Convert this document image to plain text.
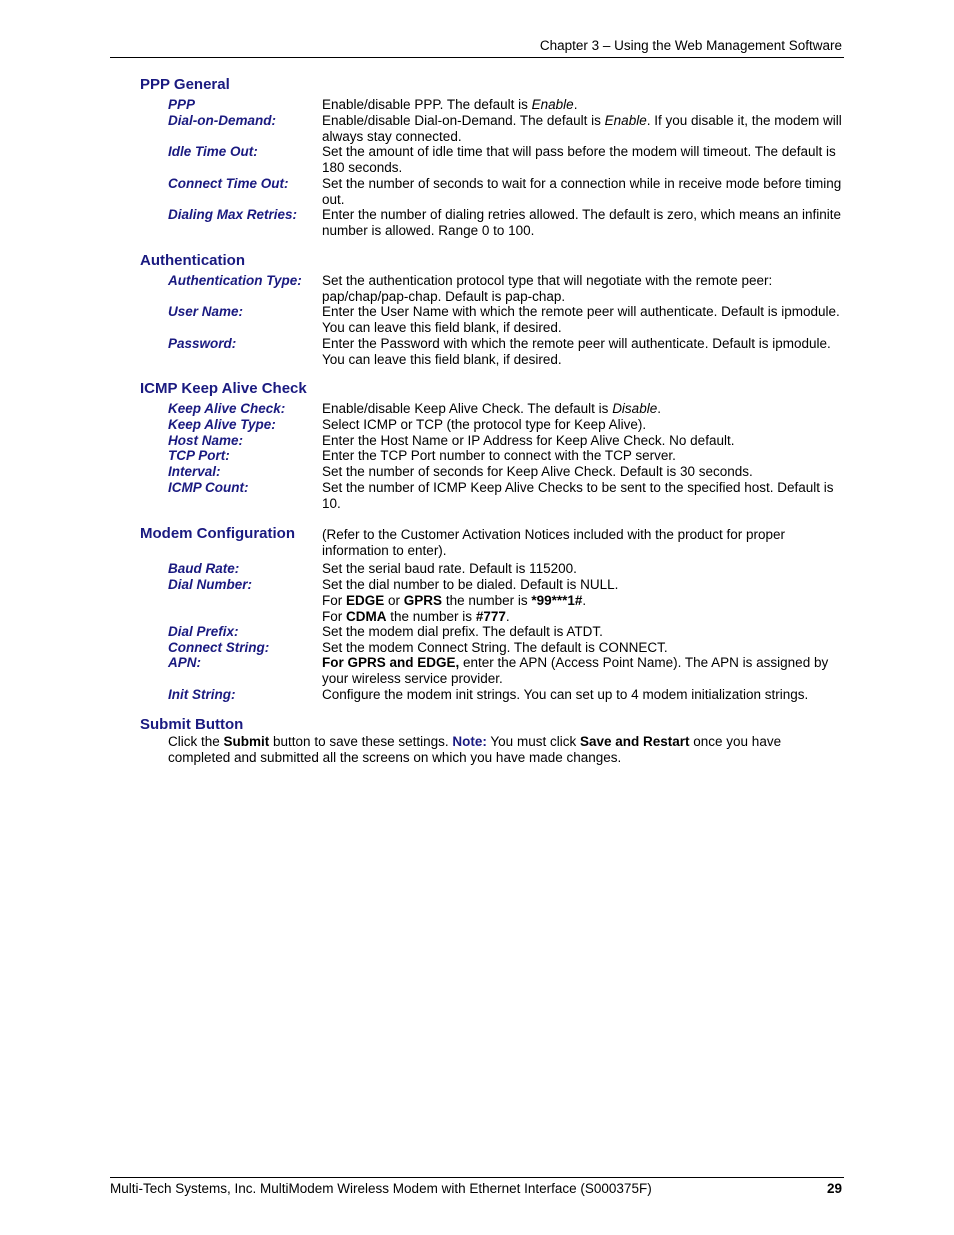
Chapter 3 – Using the Web Management Software
PPP General
PPP	Enable/disable PPP. The default is Enable.
Dial-on-Demand:	Enable/disable Dial-on-Demand. The default is Enable. If you disable it, the modem will always stay connected.
Idle Time Out:	Set the amount of idle time that will pass before the modem will timeout. The default is 180 seconds.
Connect Time Out: Set the number of seconds to wait for a connection while in receive mode before timing out.
Dialing Max Retries: Enter the number of dialing retries allowed. The default is zero, which means an infinite number is allowed. Range 0 to 100.
Authentication
Authentication Type: Set the authentication protocol type that will negotiate with the remote peer: pap/chap/pap-chap. Default is pap-chap.
User Name:	Enter the User Name with which the remote peer will authenticate. Default is ipmodule. You can leave this field blank, if desired.
Password:	Enter the Password with which the remote peer will authenticate. Default is ipmodule. You can leave this field blank, if desired.
ICMP Keep Alive Check
Keep Alive Check:	Enable/disable Keep Alive Check. The default is Disable.
Keep Alive Type:	Select ICMP or TCP (the protocol type for Keep Alive).
Host Name:	Enter the Host Name or IP Address for Keep Alive Check. No default.
TCP Port:	Enter the TCP Port number to connect with the TCP server.
Interval:	Set the number of seconds for Keep Alive Check. Default is 30 seconds.
ICMP Count:	Set the number of ICMP Keep Alive Checks to be sent to the specified host. Default is 10.
Modem Configuration (Refer to the Customer Activation Notices included with the product for proper information to enter).
Baud Rate:	Set the serial baud rate. Default is 115200.
Dial Number:	Set the dial number to be dialed. Default is NULL.
For EDGE or GPRS the number is *99***1#.
For CDMA the number is #777.
Dial Prefix:	Set the modem dial prefix. The default is ATDT.
Connect String:	Set the modem Connect String. The default is CONNECT.
APN:	For GPRS and EDGE, enter the APN (Access Point Name). The APN is assigned by your wireless service provider.
Init String:	Configure the modem init strings. You can set up to 4 modem initialization strings.
Submit Button
Click the Submit button to save these settings. Note: You must click Save and Restart once you have completed and submitted all the screens on which you have made changes.
Multi-Tech Systems, Inc. MultiModem Wireless Modem with Ethernet Interface (S000375F)	29
